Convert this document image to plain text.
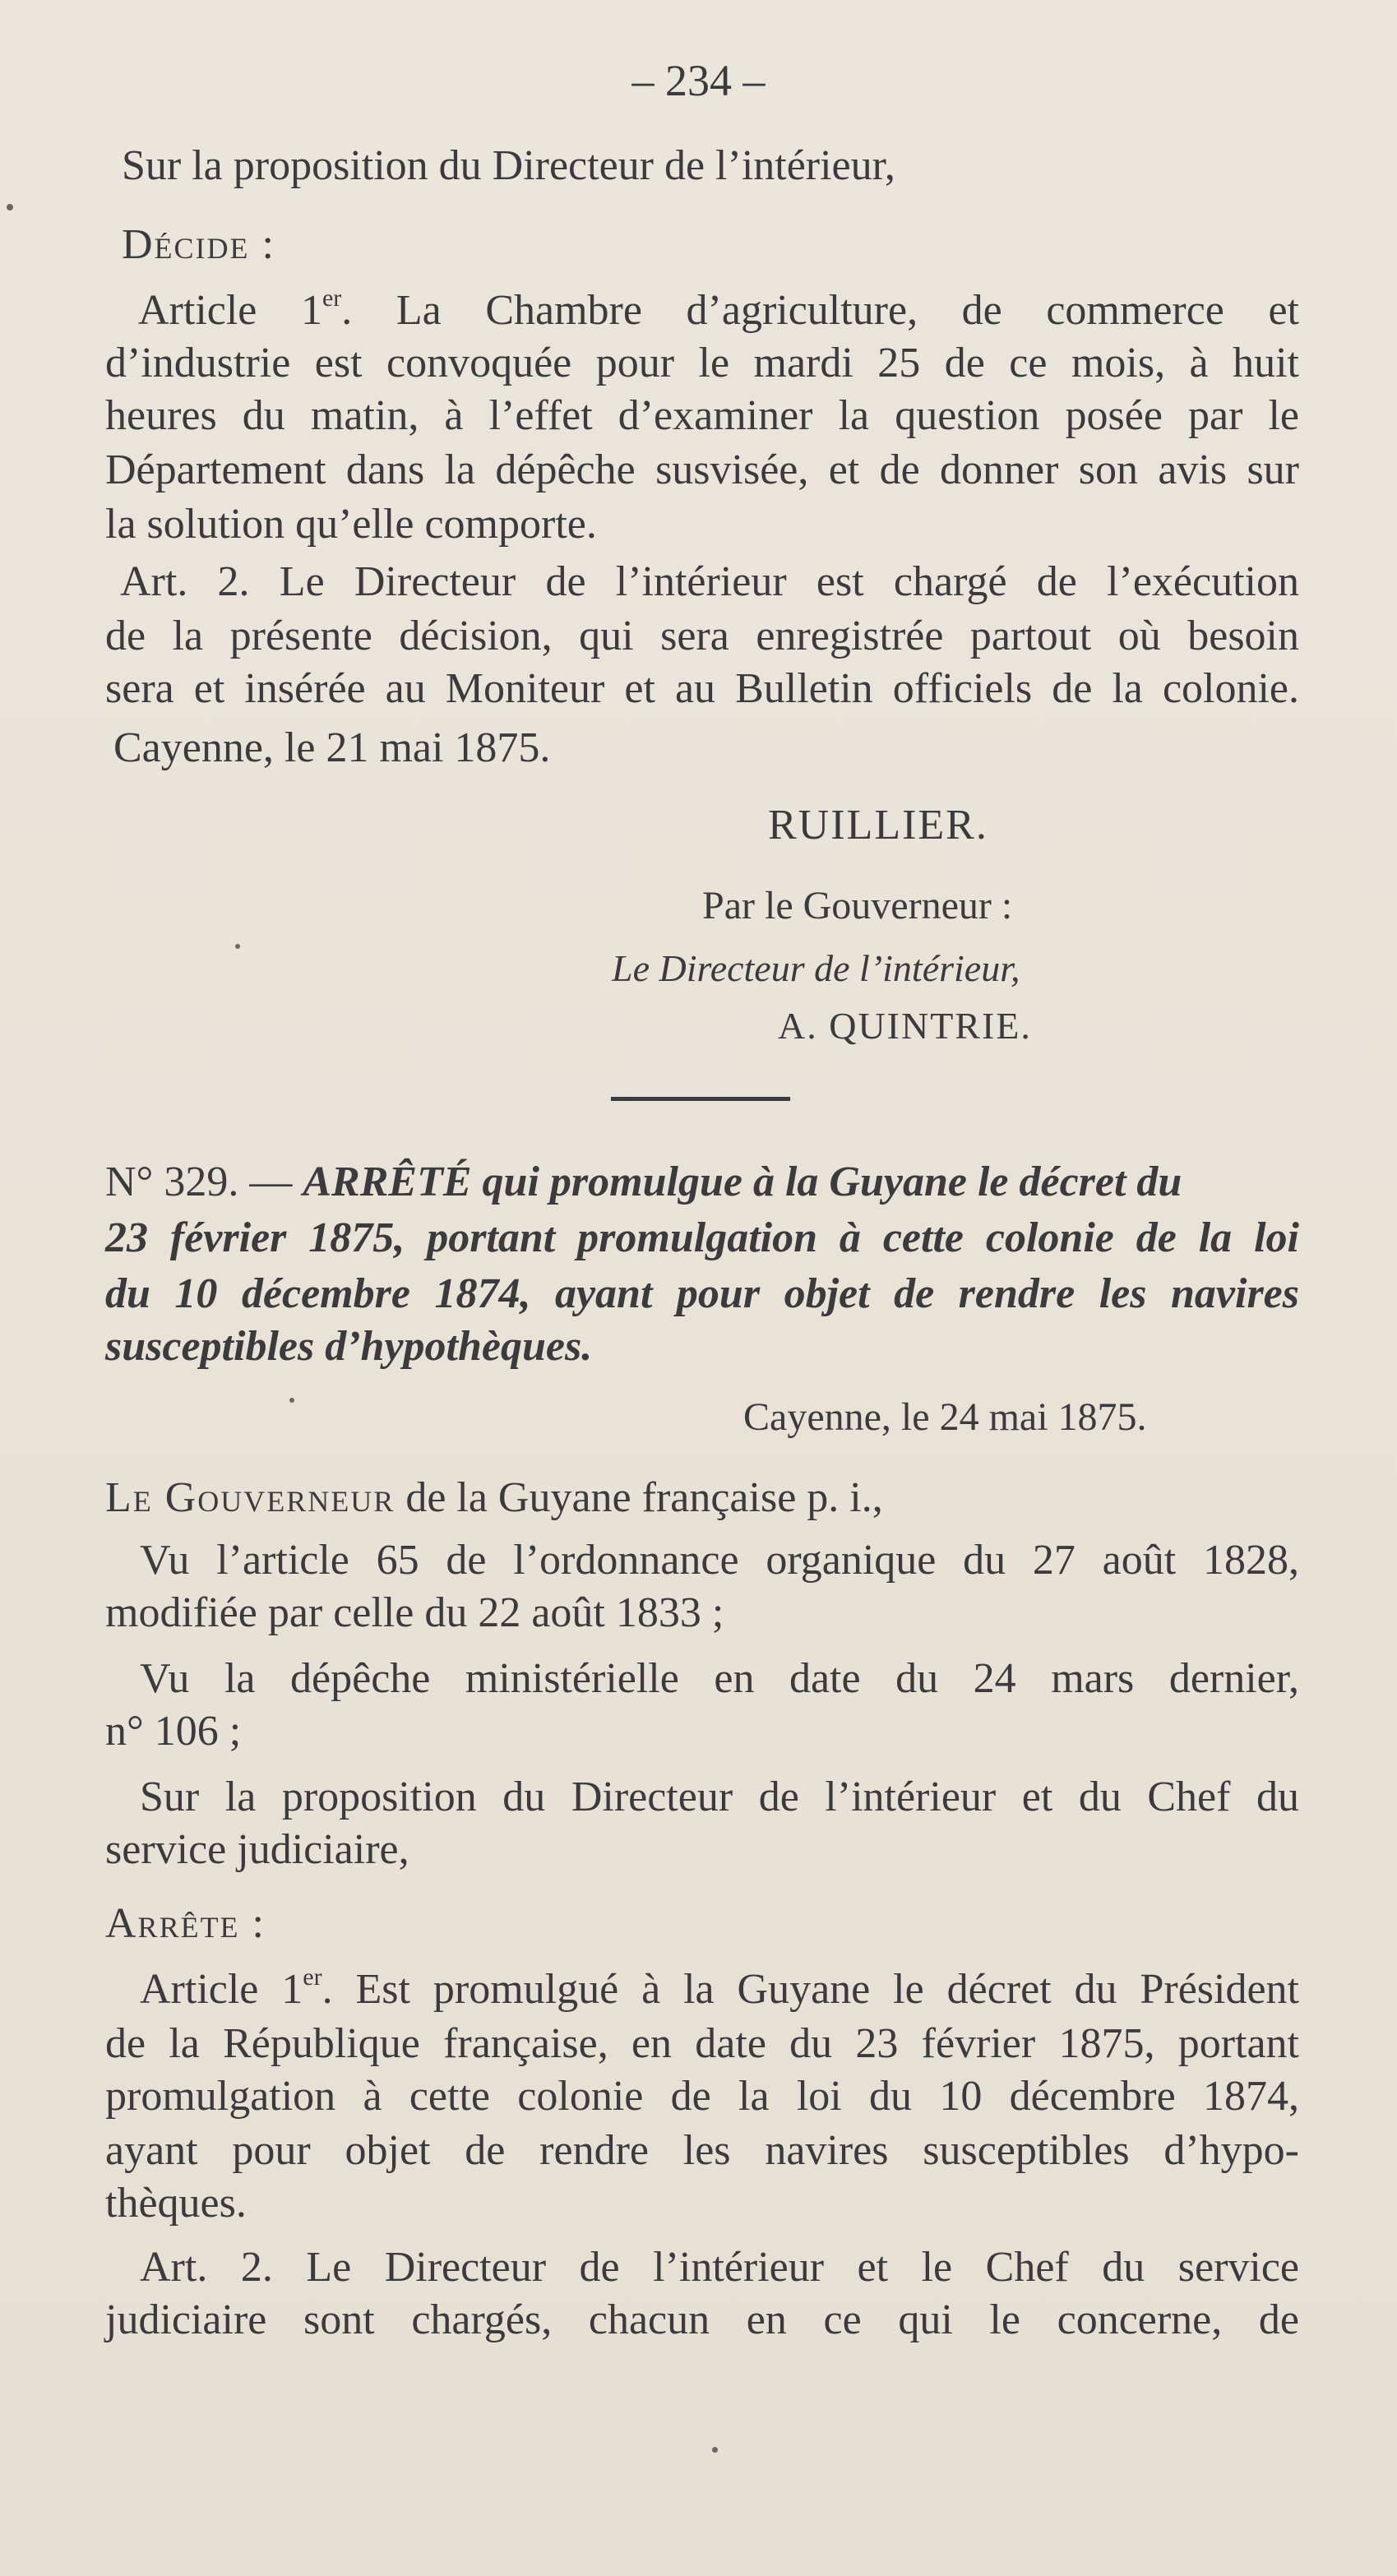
– 234 –
Sur la proposition du Directeur de l’intérieur,
Décide :
Article 1er. La Chambre d’agriculture, de commerce et
d’industrie est convoquée pour le mardi 25 de ce mois, à huit
heures du matin, à l’effet d’examiner la question posée par le
Département dans la dépêche susvisée, et de donner son avis sur
la solution qu’elle comporte.
Art. 2. Le Directeur de l’intérieur est chargé de l’exécution
de la présente décision, qui sera enregistrée partout où besoin
sera et insérée au Moniteur et au Bulletin officiels de la colonie.
Cayenne, le 21 mai 1875.
RUILLIER.
Par le Gouverneur :
Le Directeur de l’intérieur,
A. QUINTRIE.
N° 329. — ARRÊTÉ qui promulgue à la Guyane le décret du
23 février 1875, portant promulgation à cette colonie de la loi
du 10 décembre 1874, ayant pour objet de rendre les navires
susceptibles d’hypothèques.
Cayenne, le 24 mai 1875.
Le Gouverneur de la Guyane française p. i.,
Vu l’article 65 de l’ordonnance organique du 27 août 1828,
modifiée par celle du 22 août 1833 ;
Vu la dépêche ministérielle en date du 24 mars dernier,
n° 106 ;
Sur la proposition du Directeur de l’intérieur et du Chef du
service judiciaire,
Arrête :
Article 1er. Est promulgué à la Guyane le décret du Président
de la République française, en date du 23 février 1875, portant
promulgation à cette colonie de la loi du 10 décembre 1874,
ayant pour objet de rendre les navires susceptibles d’hypo-
thèques.
Art. 2. Le Directeur de l’intérieur et le Chef du service
judiciaire sont chargés, chacun en ce qui le concerne, de
